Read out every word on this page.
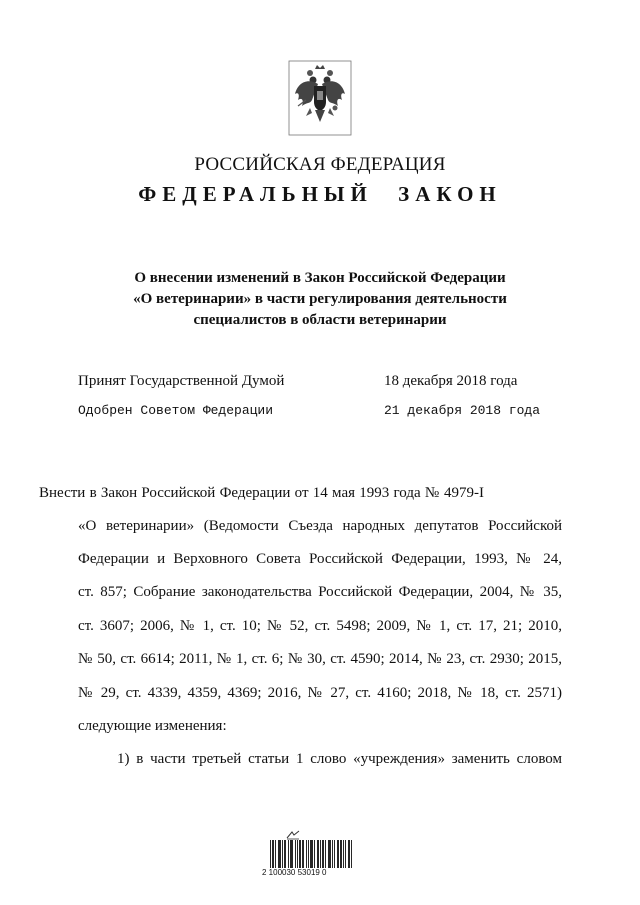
РОССИЙСКАЯ ФЕДЕРАЦИЯ
ФЕДЕРАЛЬНЫЙ ЗАКОН
О внесении изменений в Закон Российской Федерации
«О ветеринарии» в части регулирования деятельности
специалистов в области ветеринарии
Принят Государственной Думой	18 декабря 2018 года
Одобрен Советом Федерации	21 декабря 2018 года
Внести в Закон Российской Федерации от 14 мая 1993 года № 4979-I
«О ветеринарии» (Ведомости Съезда народных депутатов Российской
Федерации и Верховного Совета Российской Федерации, 1993, № 24,
ст. 857; Собрание законодательства Российской Федерации, 2004, № 35,
ст. 3607; 2006, № 1, ст. 10; № 52, ст. 5498; 2009, № 1, ст. 17, 21; 2010,
№ 50, ст. 6614; 2011, № 1, ст. 6; № 30, ст. 4590; 2014, № 23, ст. 2930; 2015,
№ 29, ст. 4339, 4359, 4369; 2016, № 27, ст. 4160; 2018, № 18, ст. 2571)
следующие изменения:
1) в части третьей статьи 1 слово «учреждения» заменить словом
2 100030 53019 0
